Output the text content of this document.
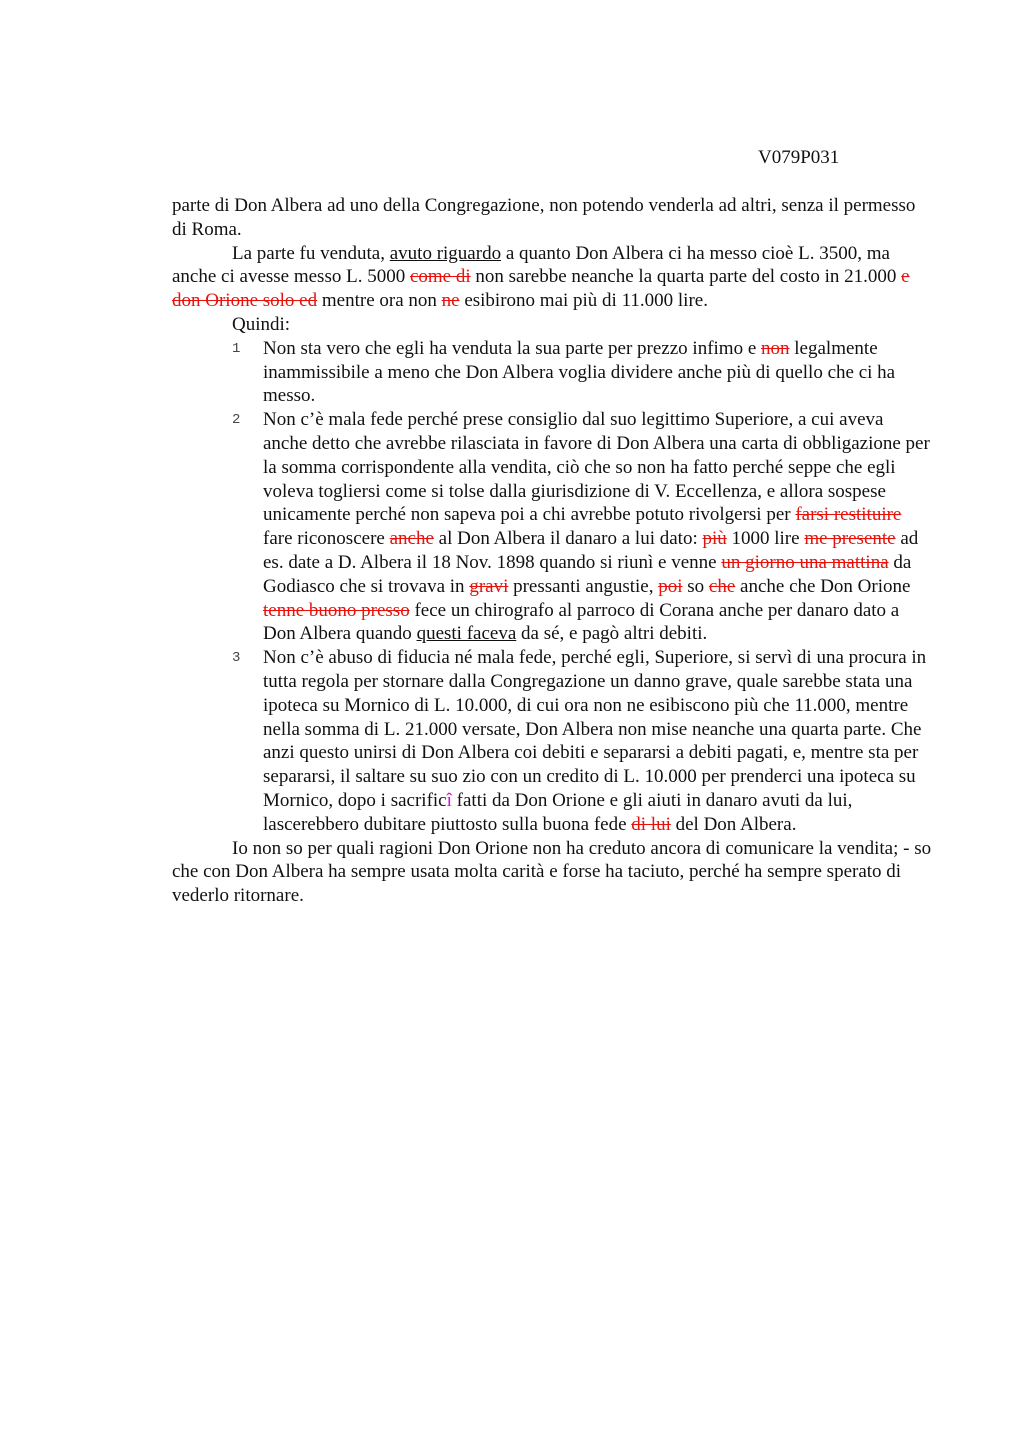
V079P031

parte di Don Albera ad uno della Congregazione, non potendo venderla ad altri, senza il permesso di Roma.

La parte fu venduta, avuto riguardo a quanto Don Albera ci ha messo cioè L. 3500, ma anche ci avesse messo L. 5000 come di non sarebbe neanche la quarta parte del costo in 21.000 e don Orione solo ed mentre ora non ne esibirono mai più di 11.000 lire.

Quindi:

1 Non sta vero che egli ha venduta la sua parte per prezzo infimo e non legalmente inammissibile a meno che Don Albera voglia dividere anche più di quello che ci ha messo.
2 Non c’è mala fede perché prese consiglio dal suo legittimo Superiore, a cui aveva anche detto che avrebbe rilasciata in favore di Don Albera una carta di obbligazione per la somma corrispondente alla vendita, ciò che so non ha fatto perché seppe che egli voleva togliersi come si tolse dalla giurisdizione di V. Eccellenza, e allora sospese unicamente perché non sapeva poi a chi avrebbe potuto rivolgersi per farsi restituire fare riconoscere anche al Don Albera il danaro a lui dato: più 1000 lire me presente ad es. date a D. Albera il 18 Nov. 1898 quando si riunì e venne un giorno una mattina da Godiasco che si trovava in gravi pressanti angustie, poi so che anche che Don Orione tenne buono presso fece un chirografo al parroco di Corana anche per danaro dato a Don Albera quando questi faceva da sé, e pagò altri debiti.
3 Non c’è abuso di fiducia né mala fede, perché egli, Superiore, si servì di una procura in tutta regola per stornare dalla Congregazione un danno grave, quale sarebbe stata una ipoteca su Mornico di L. 10.000, di cui ora non ne esibiscono più che 11.000, mentre nella somma di L. 21.000 versate, Don Albera non mise neanche una quarta parte. Che anzi questo unirsi di Don Albera coi debiti e separarsi a debiti pagati, e, mentre sta per separarsi, il saltare su suo zio con un credito di L. 10.000 per prenderci una ipoteca su Mornico, dopo i sacrificî fatti da Don Orione e gli aiuti in danaro avuti da lui, lascerebbero dubitare piuttosto sulla buona fede di lui del Don Albera.

Io non so per quali ragioni Don Orione non ha creduto ancora di comunicare la vendita; - so che con Don Albera ha sempre usata molta carità e forse ha taciuto, perché ha sempre sperato di vederlo ritornare.
